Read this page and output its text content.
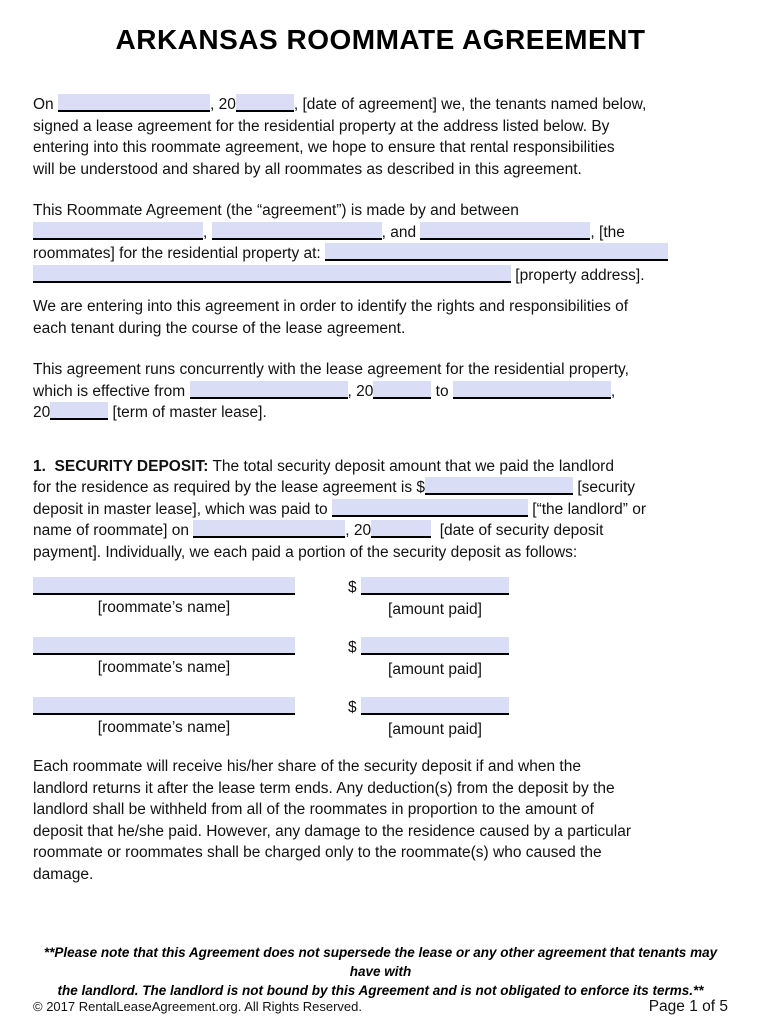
ARKANSAS ROOMMATE AGREEMENT
On	, 20	, [date of agreement] we, the tenants named below,
signed a lease agreement for the residential property at the address listed below. By
entering into this roommate agreement, we hope to ensure that rental responsibilities
will be understood and shared by all roommates as described in this agreement.
This Roommate Agreement (the “agreement”) is made by and between
,	, and	, [the
roommates] for the residential property at:
[property address].
We are entering into this agreement in order to identify the rights and responsibilities of
each tenant during the course of the lease agreement.
This agreement runs concurrently with the lease agreement for the residential property,
which is effective from	, 20	to	,
20	[term of master lease].
1.  SECURITY DEPOSIT: The total security deposit amount that we paid the landlord
for the residence as required by the lease agreement is $	[security
deposit in master lease], which was paid to	[“the landlord” or
name of roommate] on	, 20	[date of security deposit
payment]. Individually, we each paid a portion of the security deposit as follows:
[roommate’s name]
$
[amount paid]
[roommate’s name]
$
[amount paid]
[roommate’s name]
$
[amount paid]
Each roommate will receive his/her share of the security deposit if and when the
landlord returns it after the lease term ends. Any deduction(s) from the deposit by the
landlord shall be withheld from all of the roommates in proportion to the amount of
deposit that he/she paid. However, any damage to the residence caused by a particular
roommate or roommates shall be charged only to the roommate(s) who caused the
damage.
**Please note that this Agreement does not supersede the lease or any other agreement that tenants may have with
the landlord. The landlord is not bound by this Agreement and is not obligated to enforce its terms.**
© 2017 RentalLeaseAgreement.org. All Rights Reserved.	Page 1 of 5
